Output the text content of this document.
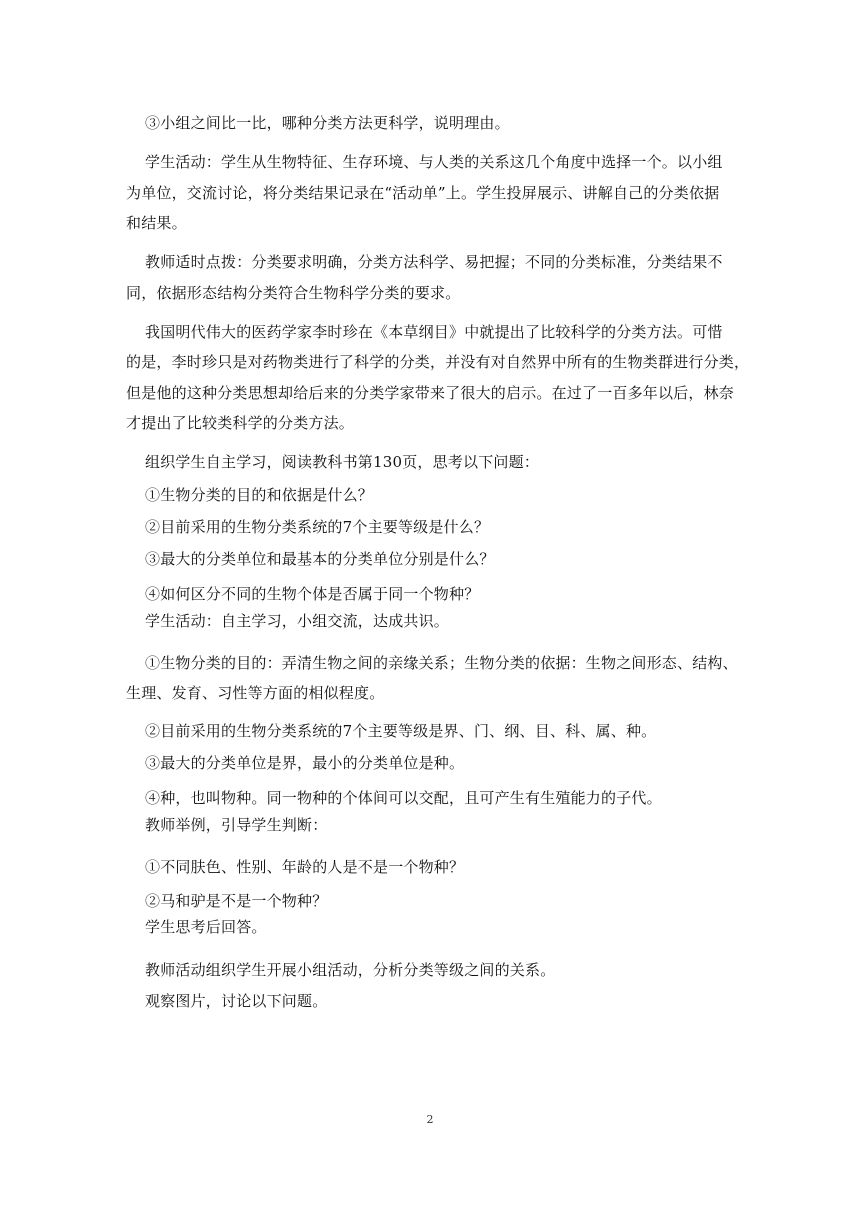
③小组之间比一比，哪种分类方法更科学，说明理由。
学生活动：学生从生物特征、生存环境、与人类的关系这几个角度中选择一个。以小组
为单位，交流讨论，将分类结果记录在“活动单”上。学生投屏展示、讲解自己的分类依据
和结果。
教师适时点拨：分类要求明确，分类方法科学、易把握；不同的分类标准，分类结果不
同，依据形态结构分类符合生物科学分类的要求。
我国明代伟大的医药学家李时珍在《本草纲目》中就提出了比较科学的分类方法。可惜
的是，李时珍只是对药物类进行了科学的分类，并没有对自然界中所有的生物类群进行分类，
但是他的这种分类思想却给后来的分类学家带来了很大的启示。在过了一百多年以后，林奈
才提出了比较类科学的分类方法。
组织学生自主学习，阅读教科书第130页，思考以下问题：
①生物分类的目的和依据是什么？
②目前采用的生物分类系统的7个主要等级是什么？
③最大的分类单位和最基本的分类单位分别是什么？
④如何区分不同的生物个体是否属于同一个物种？
学生活动：自主学习，小组交流，达成共识。
①生物分类的目的：弄清生物之间的亲缘关系；生物分类的依据：生物之间形态、结构、
生理、发育、习性等方面的相似程度。
②目前采用的生物分类系统的7个主要等级是界、门、纲、目、科、属、种。
③最大的分类单位是界，最小的分类单位是种。
④种，也叫物种。同一物种的个体间可以交配，且可产生有生殖能力的子代。
教师举例，引导学生判断：
①不同肤色、性别、年龄的人是不是一个物种？
②马和驴是不是一个物种？
学生思考后回答。
教师活动组织学生开展小组活动，分析分类等级之间的关系。
观察图片，讨论以下问题。
2
